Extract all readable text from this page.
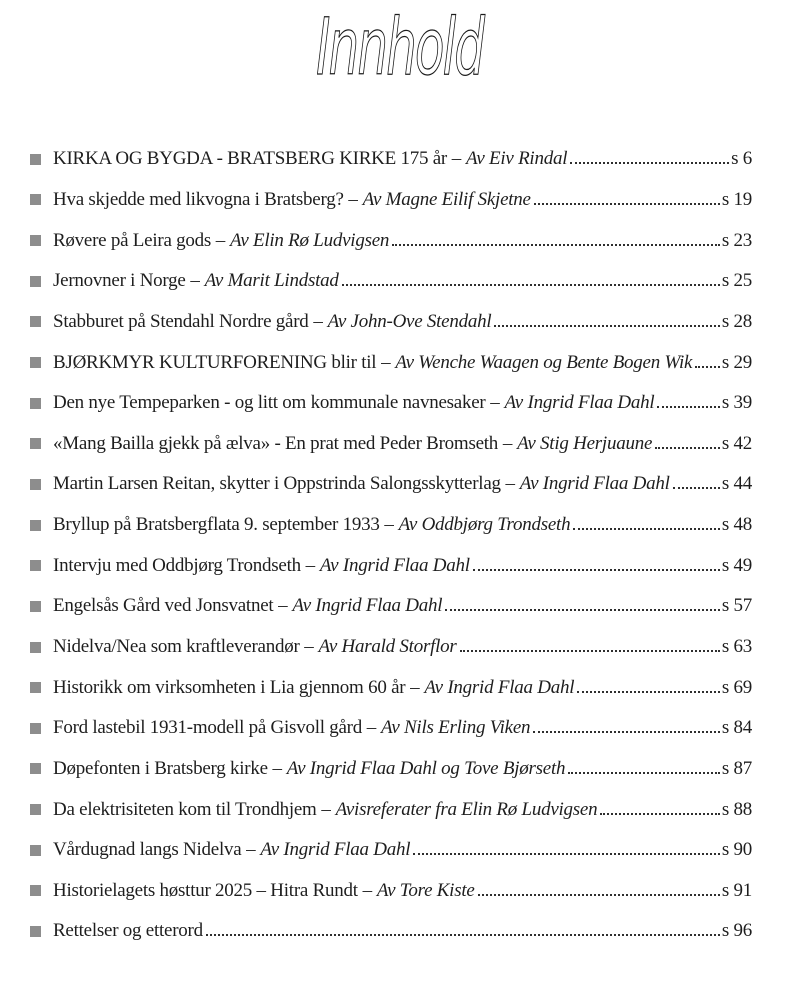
Innhold
KIRKA OG BYGDA - BRATSBERG KIRKE 175 år – Av Eiv Rindal	s 6
Hva skjedde med likvogna i Bratsberg? – Av Magne Eilif Skjetne	s 19
Røvere på Leira gods – Av Elin Rø Ludvigsen	s 23
Jernovner i Norge – Av Marit Lindstad	s 25
Stabburet på Stendahl Nordre gård – Av John-Ove Stendahl	s 28
BJØRKMYR KULTURFORENING blir til – Av Wenche Waagen og Bente Bogen Wik s 29
Den nye Tempeparken - og litt om kommunale navnesaker – Av Ingrid Flaa Dahl	s 39
«Mang Bailla gjekk på ælva» - En prat med Peder Bromseth – Av Stig Herjuaune	s 42
Martin Larsen Reitan, skytter i Oppstrinda Salongsskytterlag – Av Ingrid Flaa Dahl	s 44
Bryllup på Bratsbergflata 9. september 1933 – Av Oddbjørg Trondseth	s 48
Intervju med Oddbjørg Trondseth – Av Ingrid Flaa Dahl	s 49
Engelsås Gård ved Jonsvatnet – Av Ingrid Flaa Dahl	s 57
Nidelva/Nea som kraftleverandør – Av Harald Storflor	s 63
Historikk om virksomheten i Lia gjennom 60 år – Av Ingrid Flaa Dahl	s 69
Ford lastebil 1931-modell på Gisvoll gård – Av Nils Erling Viken	s 84
Døpefonten i Bratsberg kirke – Av Ingrid Flaa Dahl og Tove Bjørseth	s 87
Da elektrisiteten kom til Trondhjem – Avisreferater fra Elin Rø Ludvigsen	s 88
Vårdugnad langs Nidelva – Av Ingrid Flaa Dahl	s 90
Historielagets høsttur 2025 – Hitra Rundt – Av Tore Kiste	s 91
Rettelser og etterord	s 96
